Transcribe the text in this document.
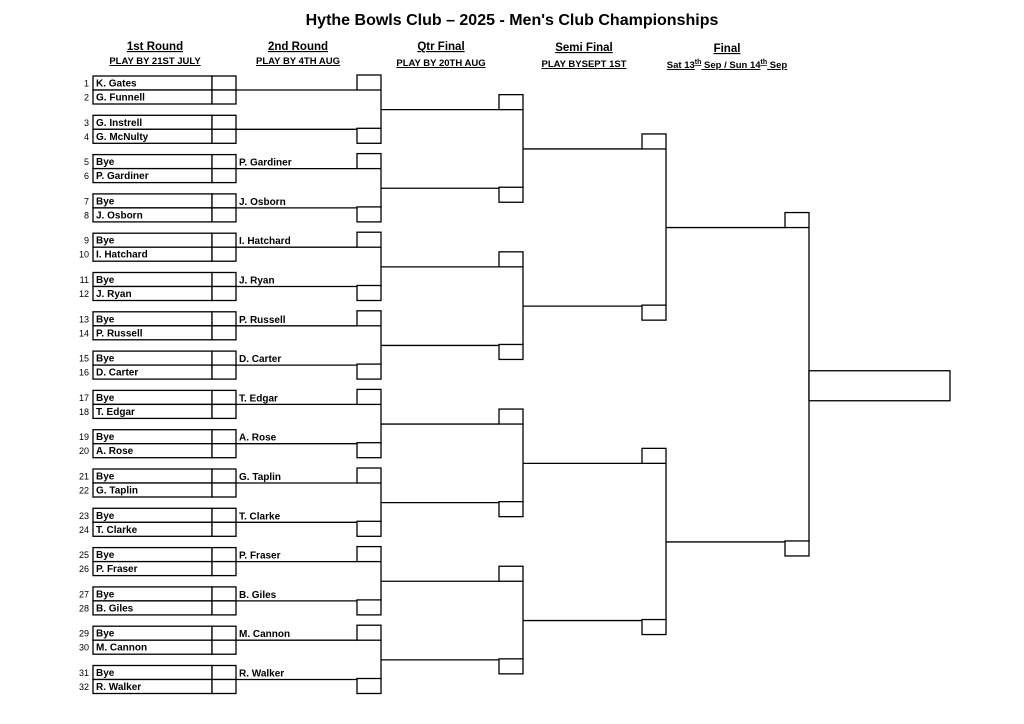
Hythe Bowls Club – 2025 - Men's Club Championships
1st Round
PLAY BY 21ST JULY
2nd Round
PLAY BY 4TH AUG
Qtr Final
PLAY BY 20TH AUG
Semi Final
PLAY BYSEPT 1ST
Final
Sat 13th Sep / Sun 14th Sep
1 K. Gates
2 G. Funnell
3 G. Instrell
4 G. McNulty
5 Bye
6 P. Gardiner
7 Bye
8 J. Osborn
9 Bye
10 I. Hatchard
11 Bye
12 J. Ryan
13 Bye
14 P. Russell
15 Bye
16 D. Carter
17 Bye
18 T. Edgar
19 Bye
20 A. Rose
21 Bye
22 G. Taplin
23 Bye
24 T. Clarke
25 Bye
26 P. Fraser
27 Bye
28 B. Giles
29 Bye
30 M. Cannon
31 Bye
32 R. Walker
P. Gardiner
J. Osborn
I. Hatchard
J. Ryan
P. Russell
D. Carter
T. Edgar
A. Rose
G. Taplin
T. Clarke
P. Fraser
B. Giles
M. Cannon
R. Walker
